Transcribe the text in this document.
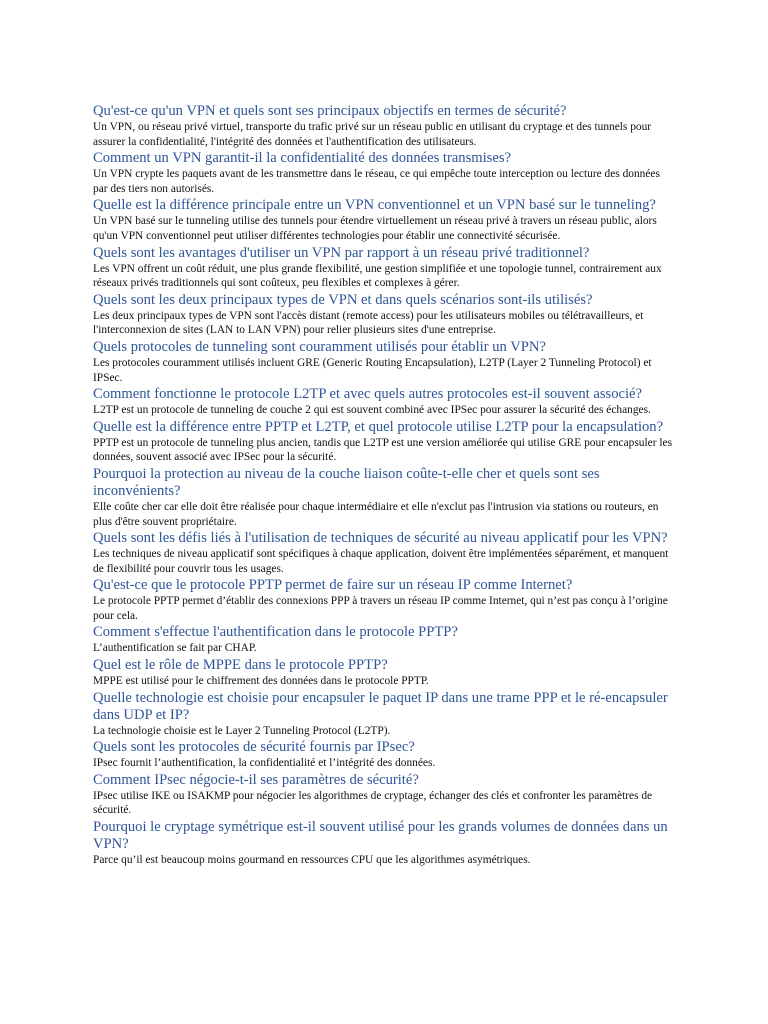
Qu'est-ce qu'un VPN et quels sont ses principaux objectifs en termes de sécurité?

Un VPN, ou réseau privé virtuel, transporte du trafic privé sur un réseau public en utilisant du cryptage et des tunnels pour assurer la confidentialité, l'intégrité des données et l'authentification des utilisateurs.

Comment un VPN garantit-il la confidentialité des données transmises?

Un VPN crypte les paquets avant de les transmettre dans le réseau, ce qui empêche toute interception ou lecture des données par des tiers non autorisés.

Quelle est la différence principale entre un VPN conventionnel et un VPN basé sur le tunneling?

Un VPN basé sur le tunneling utilise des tunnels pour étendre virtuellement un réseau privé à travers un réseau public, alors qu'un VPN conventionnel peut utiliser différentes technologies pour établir une connectivité sécurisée.

Quels sont les avantages d'utiliser un VPN par rapport à un réseau privé traditionnel?

Les VPN offrent un coût réduit, une plus grande flexibilité, une gestion simplifiée et une topologie tunnel, contrairement aux réseaux privés traditionnels qui sont coûteux, peu flexibles et complexes à gérer.

Quels sont les deux principaux types de VPN et dans quels scénarios sont-ils utilisés?

Les deux principaux types de VPN sont l'accès distant (remote access) pour les utilisateurs mobiles ou télétravailleurs, et l'interconnexion de sites (LAN to LAN VPN) pour relier plusieurs sites d'une entreprise.

Quels protocoles de tunneling sont couramment utilisés pour établir un VPN?

Les protocoles couramment utilisés incluent GRE (Generic Routing Encapsulation), L2TP (Layer 2 Tunneling Protocol) et IPSec.

Comment fonctionne le protocole L2TP et avec quels autres protocoles est-il souvent associé?

L2TP est un protocole de tunneling de couche 2 qui est souvent combiné avec IPSec pour assurer la sécurité des échanges.

Quelle est la différence entre PPTP et L2TP, et quel protocole utilise L2TP pour la encapsulation?

PPTP est un protocole de tunneling plus ancien, tandis que L2TP est une version améliorée qui utilise GRE pour encapsuler les données, souvent associé avec IPSec pour la sécurité.

Pourquoi la protection au niveau de la couche liaison coûte-t-elle cher et quels sont ses inconvénients?

Elle coûte cher car elle doit être réalisée pour chaque intermédiaire et elle n'exclut pas l'intrusion via stations ou routeurs, en plus d'être souvent propriétaire.

Quels sont les défis liés à l'utilisation de techniques de sécurité au niveau applicatif pour les VPN?

Les techniques de niveau applicatif sont spécifiques à chaque application, doivent être implémentées séparément, et manquent de flexibilité pour couvrir tous les usages.

Qu'est-ce que le protocole PPTP permet de faire sur un réseau IP comme Internet?

Le protocole PPTP permet d’établir des connexions PPP à travers un réseau IP comme Internet, qui n’est pas conçu à l’origine pour cela.

Comment s'effectue l'authentification dans le protocole PPTP?

L’authentification se fait par CHAP.

Quel est le rôle de MPPE dans le protocole PPTP?

MPPE est utilisé pour le chiffrement des données dans le protocole PPTP.

Quelle technologie est choisie pour encapsuler le paquet IP dans une trame PPP et le ré-encapsuler dans UDP et IP?

La technologie choisie est le Layer 2 Tunneling Protocol (L2TP).

Quels sont les protocoles de sécurité fournis par IPsec?

IPsec fournit l’authentification, la confidentialité et l’intégrité des données.

Comment IPsec négocie-t-il ses paramètres de sécurité?

IPsec utilise IKE ou ISAKMP pour négocier les algorithmes de cryptage, échanger des clés et confronter les paramètres de sécurité.

Pourquoi le cryptage symétrique est-il souvent utilisé pour les grands volumes de données dans un VPN?

Parce qu’il est beaucoup moins gourmand en ressources CPU que les algorithmes asymétriques.
